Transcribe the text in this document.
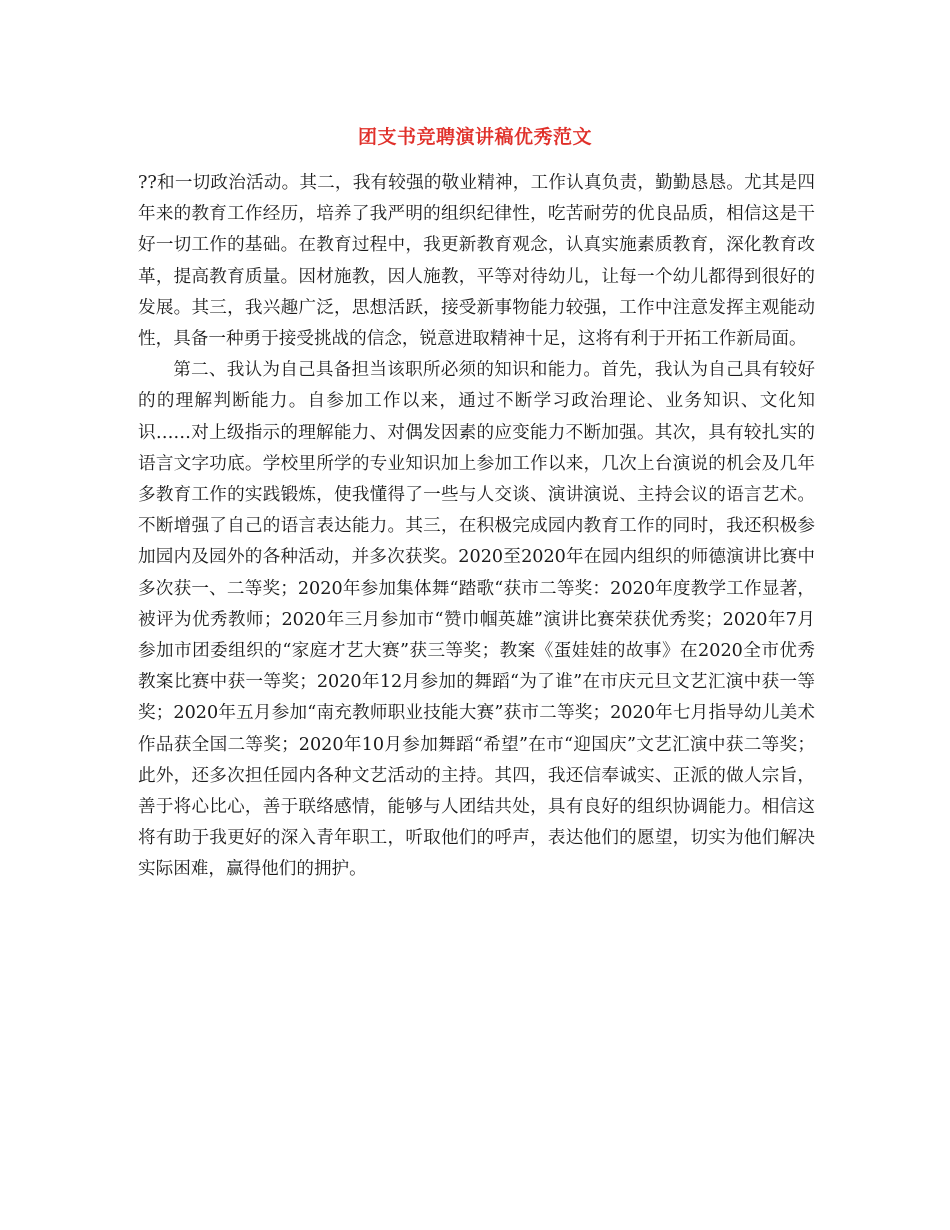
团支书竞聘演讲稿优秀范文

??和一切政治活动。其二，我有较强的敬业精神，工作认真负责，勤勤恳恳。尤其是四年来的教育工作经历，培养了我严明的组织纪律性，吃苦耐劳的优良品质，相信这是干好一切工作的基础。在教育过程中，我更新教育观念，认真实施素质教育，深化教育改革，提高教育质量。因材施教，因人施教，平等对待幼儿，让每一个幼儿都得到很好的发展。其三，我兴趣广泛，思想活跃，接受新事物能力较强，工作中注意发挥主观能动性，具备一种勇于接受挑战的信念，锐意进取精神十足，这将有利于开拓工作新局面。

第二、我认为自己具备担当该职所必须的知识和能力。首先，我认为自己具有较好的的理解判断能力。自参加工作以来，通过不断学习政治理论、业务知识、文化知识……对上级指示的理解能力、对偶发因素的应变能力不断加强。其次，具有较扎实的语言文字功底。学校里所学的专业知识加上参加工作以来，几次上台演说的机会及几年多教育工作的实践锻炼，使我懂得了一些与人交谈、演讲演说、主持会议的语言艺术。不断增强了自己的语言表达能力。其三，在积极完成园内教育工作的同时，我还积极参加园内及园外的各种活动，并多次获奖。2020至2020年在园内组织的师德演讲比赛中多次获一、二等奖；2020年参加集体舞“踏歌“获市二等奖：2020年度教学工作显著，被评为优秀教师；2020年三月参加市“赞巾帼英雄”演讲比赛荣获优秀奖；2020年7月参加市团委组织的“家庭才艺大赛”获三等奖；教案《蛋娃娃的故事》在2020全市优秀教案比赛中获一等奖；2020年12月参加的舞蹈“为了谁”在市庆元旦文艺汇演中获一等奖；2020年五月参加“南充教师职业技能大赛”获市二等奖；2020年七月指导幼儿美术作品获全国二等奖；2020年10月参加舞蹈“希望”在市“迎国庆”文艺汇演中获二等奖；此外，还多次担任园内各种文艺活动的主持。其四，我还信奉诚实、正派的做人宗旨，善于将心比心，善于联络感情，能够与人团结共处，具有良好的组织协调能力。相信这将有助于我更好的深入青年职工，听取他们的呼声，表达他们的愿望，切实为他们解决实际困难，赢得他们的拥护。
